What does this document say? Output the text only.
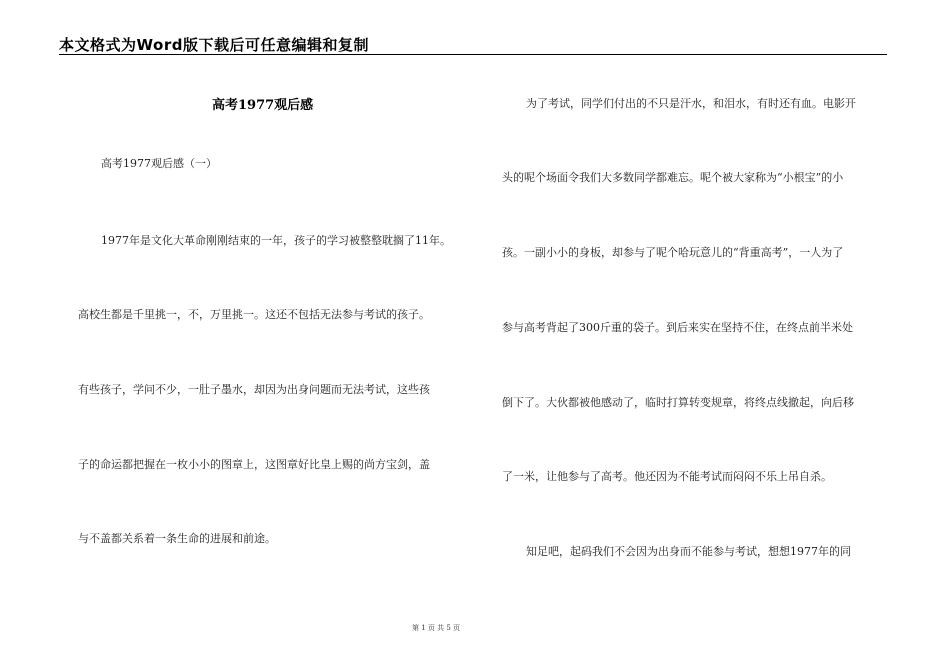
本文格式为Word版下载后可任意编辑和复制
高考1977观后感
高考1977观后感（一）
1977年是文化大革命刚刚结束的一年，孩子的学习被整整耽搁了11年。
高校生都是千里挑一，不，万里挑一。这还不包括无法参与考试的孩子。
有些孩子，学问不少，一肚子墨水，却因为出身问题而无法考试，这些孩
子的命运都把握在一枚小小的图章上，这图章好比皇上赐的尚方宝剑，盖
与不盖都关系着一条生命的进展和前途。
为了考试，同学们付出的不只是汗水，和泪水，有时还有血。电影开
头的呢个场面令我们大多数同学都难忘。呢个被大家称为“小根宝”的小
孩。一副小小的身板，却参与了呢个哈玩意儿的“背重高考”，一人为了
参与高考背起了300斤重的袋子。到后来实在坚持不住，在终点前半米处
倒下了。大伙都被他感动了，临时打算转变规章，将终点线撤起，向后移
了一米，让他参与了高考。他还因为不能考试而闷闷不乐上吊自杀。
知足吧，起码我们不会因为出身而不能参与考试，想想1977年的同
第 1 页 共 5 页
